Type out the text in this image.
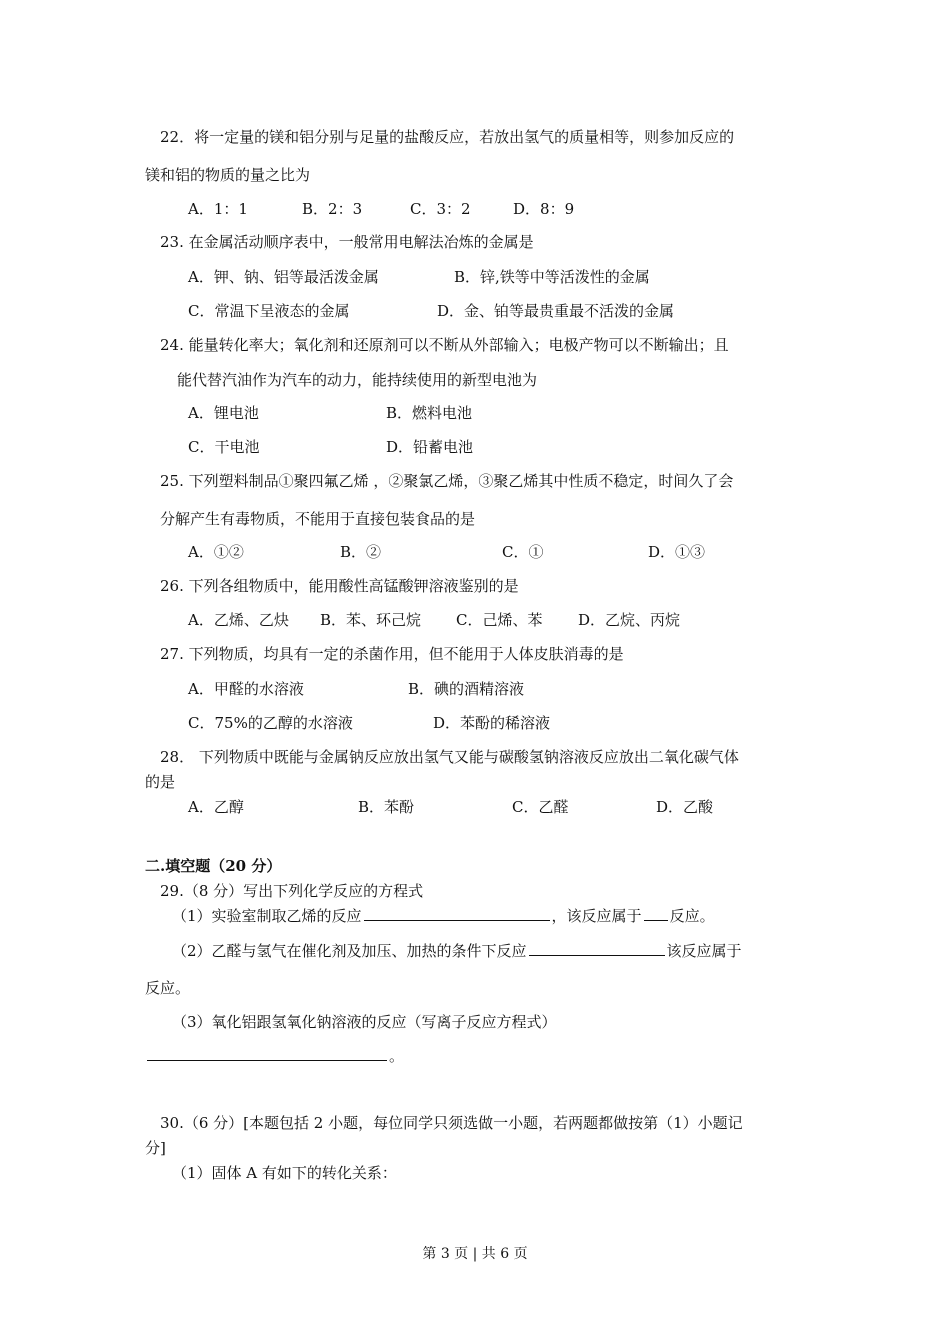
22．将一定量的镁和铝分别与足量的盐酸反应，若放出氢气的质量相等，则参加反应的
镁和铝的物质的量之比为
A．1：1	B．2：3	C．3：2	D．8：9
23. 在金属活动顺序表中，一般常用电解法冶炼的金属是
A．钾、钠、铝等最活泼金属	B．锌,铁等中等活泼性的金属
C．常温下呈液态的金属	D．金、铂等最贵重最不活泼的金属
24. 能量转化率大；氧化剂和还原剂可以不断从外部输入；电极产物可以不断输出；且
能代替汽油作为汽车的动力，能持续使用的新型电池为
A．锂电池	B．燃料电池
C．干电池	D．铅蓄电池
25. 下列塑料制品①聚四氟乙烯 ，②聚氯乙烯，③聚乙烯其中性质不稳定，时间久了会
分解产生有毒物质，不能用于直接包装食品的是
A．①②	B．②	C．①	D．①③
26. 下列各组物质中，能用酸性高锰酸钾溶液鉴别的是
A．乙烯、乙炔 B．苯、环己烷 C．己烯、苯 D．乙烷、丙烷
27. 下列物质，均具有一定的杀菌作用，但不能用于人体皮肤消毒的是
A．甲醛的水溶液	B．碘的酒精溶液
C．75%的乙醇的水溶液	D．苯酚的稀溶液
28． 下列物质中既能与金属钠反应放出氢气又能与碳酸氢钠溶液反应放出二氧化碳气体
的是
A．乙醇	B．苯酚	C．乙醛	D．乙酸
二.填空题（20 分）
29.（8 分）写出下列化学反应的方程式
（1）实验室制取乙烯的反应	，该反应属于 反应。
（2）乙醛与氢气在催化剂及加压、加热的条件下反应	该反应属于
反应。
（3）氧化铝跟氢氧化钠溶液的反应（写离子反应方程式）
。
30.（6 分）[本题包括 2 小题，每位同学只须选做一小题，若两题都做按第（1）小题记
分]
（1）固体 A 有如下的转化关系：
第 3 页 | 共 6 页
